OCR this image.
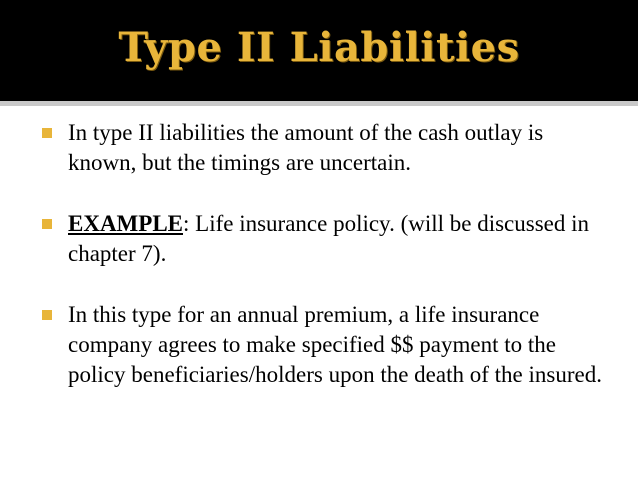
Type II Liabilities
In type II liabilities the amount of the cash outlay is known, but the timings are uncertain.
EXAMPLE: Life insurance policy. (will be discussed in chapter 7).
In this type for an annual premium, a life insurance company agrees to make specified $$ payment to the policy beneficiaries/holders upon the death of the insured.
